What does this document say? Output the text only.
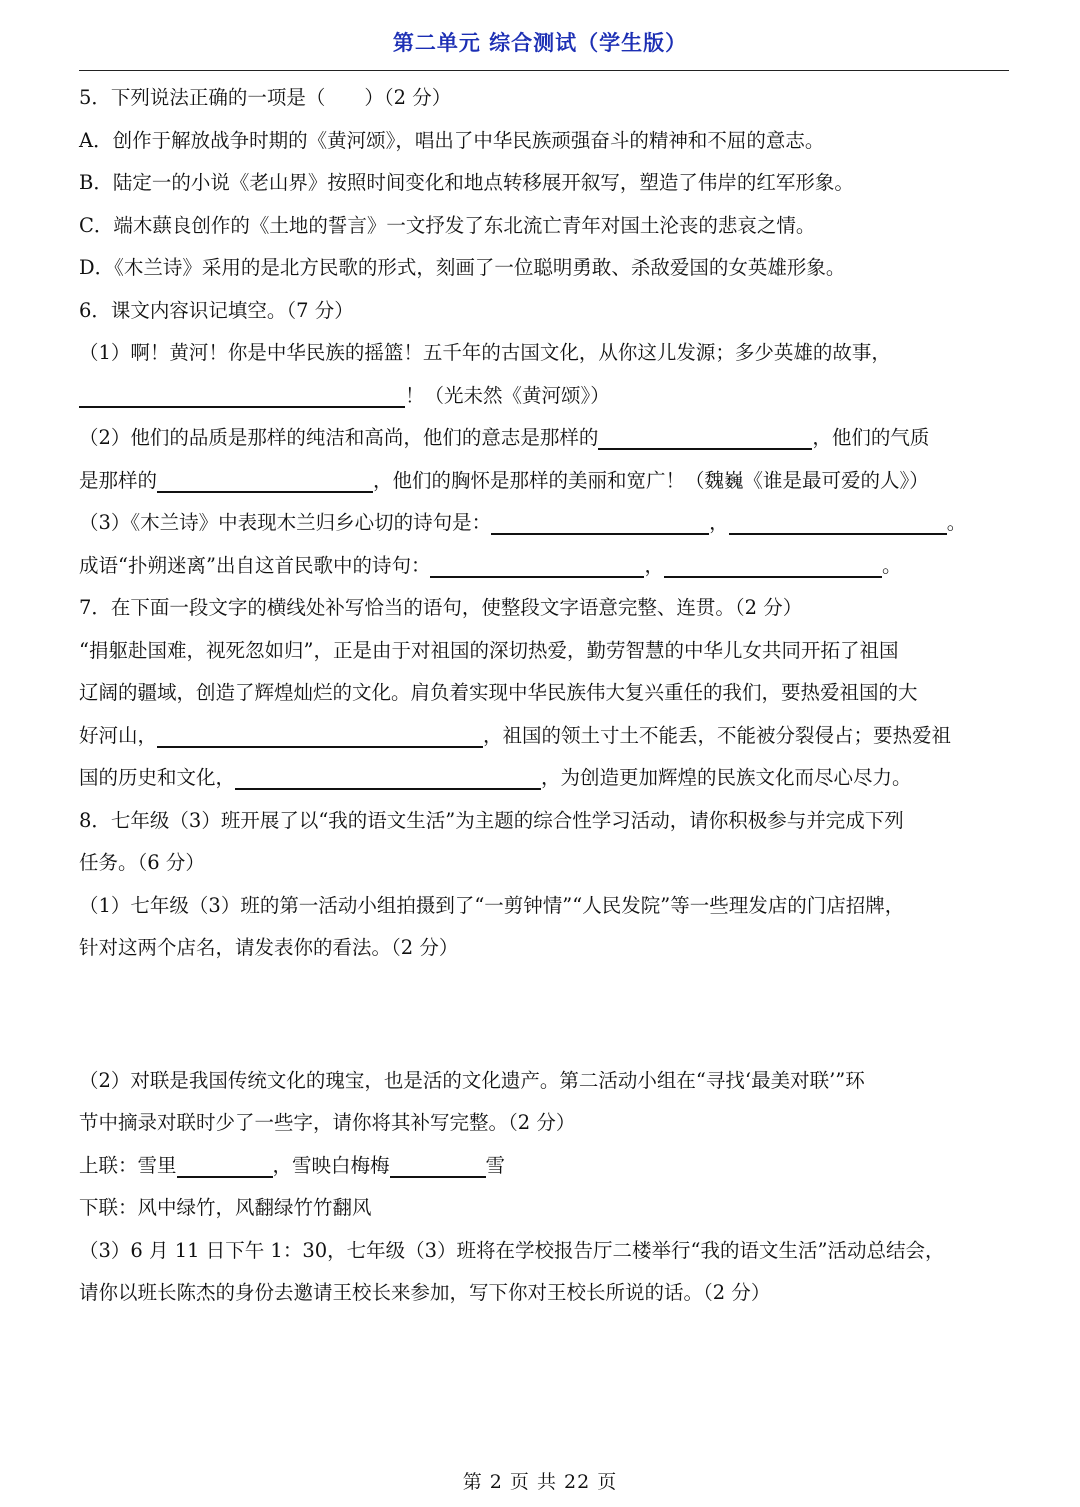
第二单元 综合测试（学生版）
5．下列说法正确的一项是（　　）（2 分）
A．创作于解放战争时期的《黄河颂》，唱出了中华民族顽强奋斗的精神和不屈的意志。
B．陆定一的小说《老山界》按照时间变化和地点转移展开叙写，塑造了伟岸的红军形象。
C．端木蕻良创作的《土地的誓言》一文抒发了东北流亡青年对国土沦丧的悲哀之情。
D．《木兰诗》采用的是北方民歌的形式，刻画了一位聪明勇敢、杀敌爱国的女英雄形象。
6．课文内容识记填空。（7 分）
（1）啊！黄河！你是中华民族的摇篮！五千年的古国文化，从你这儿发源；多少英雄的故事，
！（光未然《黄河颂》）
（2）他们的品质是那样的纯洁和高尚，他们的意志是那样的	，他们的气质
是那样的	，他们的胸怀是那样的美丽和宽广！（魏巍《谁是最可爱的人》）
（3）《木兰诗》中表现木兰归乡心切的诗句是：	，	。
成语“扑朔迷离”出自这首民歌中的诗句：	，	。
7．在下面一段文字的横线处补写恰当的语句，使整段文字语意完整、连贯。（2 分）
“捐躯赴国难，视死忽如归”，正是由于对祖国的深切热爱，勤劳智慧的中华儿女共同开拓了祖国
辽阔的疆域，创造了辉煌灿烂的文化。肩负着实现中华民族伟大复兴重任的我们，要热爱祖国的大
好河山，	，祖国的领土寸土不能丢，不能被分裂侵占；要热爱祖
国的历史和文化，	，为创造更加辉煌的民族文化而尽心尽力。
8．七年级（3）班开展了以“我的语文生活”为主题的综合性学习活动，请你积极参与并完成下列
任务。（6 分）
（1）七年级（3）班的第一活动小组拍摄到了“一剪钟情”“人民发院”等一些理发店的门店招牌，
针对这两个店名，请发表你的看法。（2 分）
（2）对联是我国传统文化的瑰宝，也是活的文化遗产。第二活动小组在“寻找‘最美对联’”环
节中摘录对联时少了一些字，请你将其补写完整。（2 分）
上联：雪里	，雪映白梅梅	雪
下联：风中绿竹，风翻绿竹竹翻风
（3）6 月 11 日下午 1：30，七年级（3）班将在学校报告厅二楼举行“我的语文生活”活动总结会，
请你以班长陈杰的身份去邀请王校长来参加，写下你对王校长所说的话。（2 分）
第 2 页 共 22 页
